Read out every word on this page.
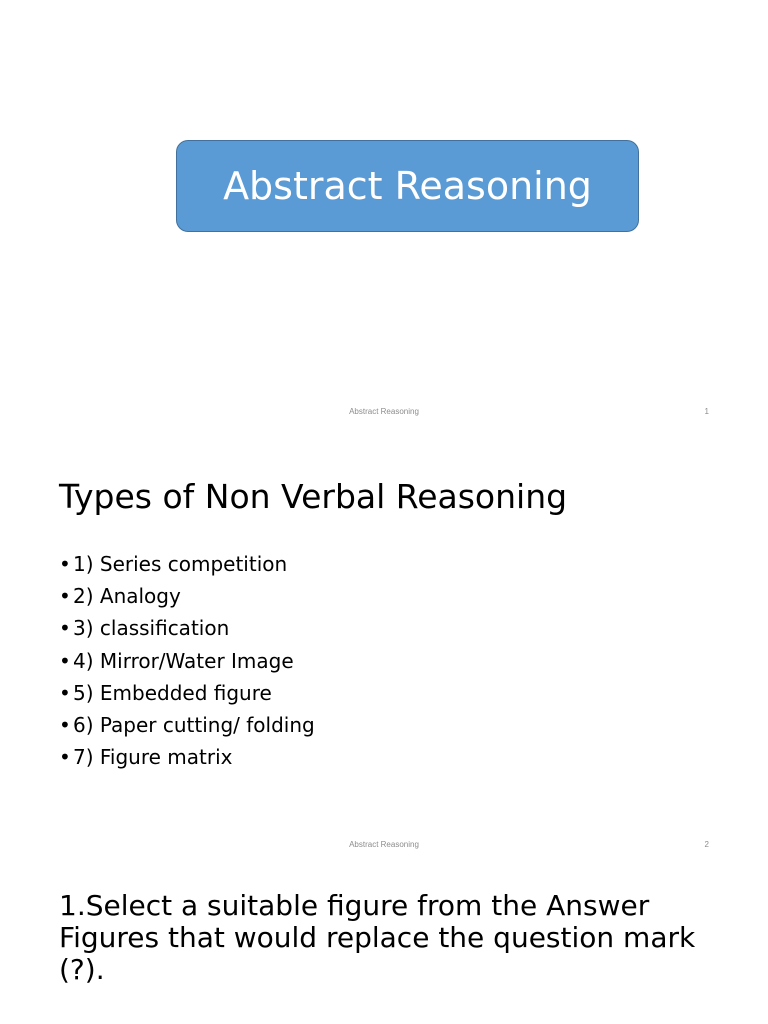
Abstract Reasoning
Abstract Reasoning	1
Types of Non Verbal Reasoning
• 1) Series competition
• 2) Analogy
• 3) classification
• 4) Mirror/Water Image
• 5) Embedded figure
• 6) Paper cutting/ folding
• 7) Figure matrix
Abstract Reasoning	2
1.Select a suitable figure from the Answer Figures that would replace the question mark (?).
